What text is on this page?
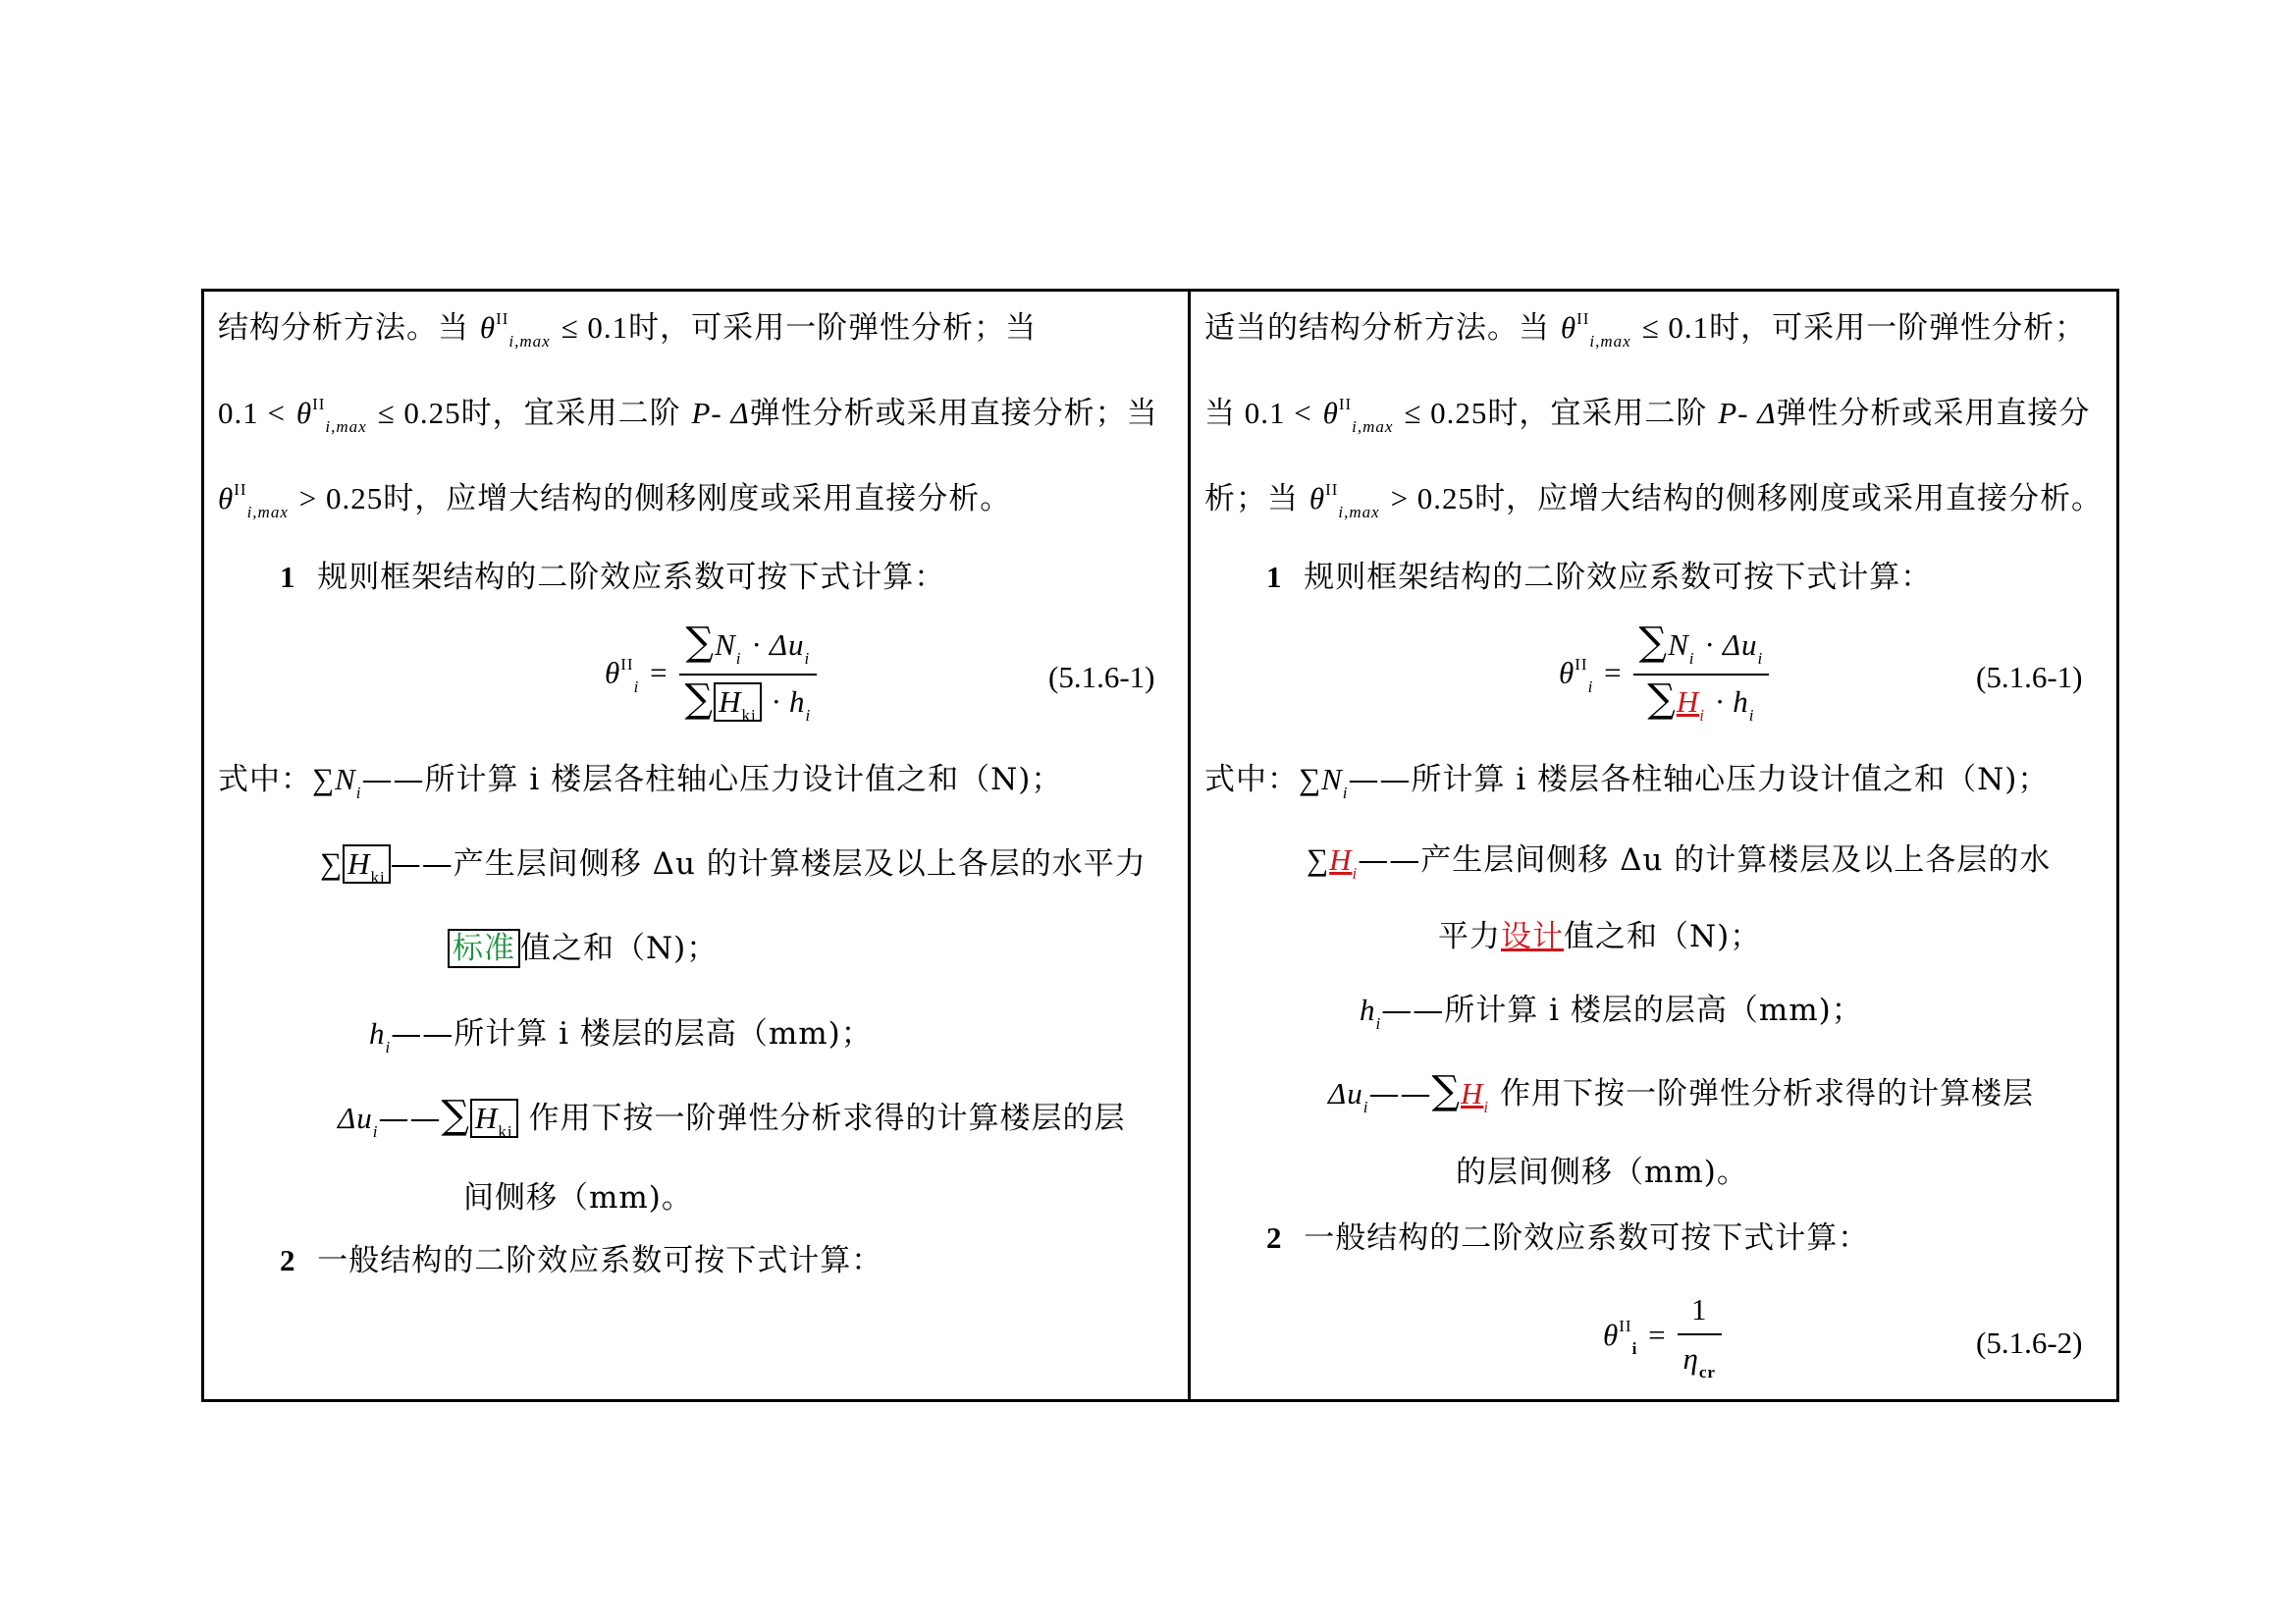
结构分析方法。当 $\theta^{II}_{i,max} \le 0.1$时，可采用一阶弹性分析；当
$0.1 < \theta^{II}_{i,max} \le 0.25$时，宜采用二阶 P- Δ弹性分析或采用直接分析；当
$\theta^{II}_{i,max} > 0.25$时，应增大结构的侧移刚度或采用直接分析。
1 规则框架结构的二阶效应系数可按下式计算：
$\theta^{II}_i = \frac{\sum N_i \cdot \Delta u_i}{\sum H_{ki} \cdot h_i}$	(5.1.6-1)
式中：$\sum N_i——$所计算 i 楼层各柱轴心压力设计值之和（N)；
∑ $H_{ki}$ ——产生层间侧移 Δu 的计算楼层及以上各层的水平力
标准 值之和（N)；
$h_i——$所计算 i 楼层的层高（mm)；
$\Delta u_i——\sum$ $H_{ki}$ 作用下按一阶弹性分析求得的计算楼层的层
间侧移（mm)。
2 一般结构的二阶效应系数可按下式计算：
适当的结构分析方法。当 $\theta^{II}_{i,max} \le 0.1$时，可采用一阶弹性分析；
当 $0.1 < \theta^{II}_{i,max} \le 0.25$时，宜采用二阶 P- Δ弹性分析或采用直接分
析；当 $\theta^{II}_{i,max} > 0.25$时，应增大结构的侧移刚度或采用直接分析。
1 规则框架结构的二阶效应系数可按下式计算：
$\theta^{II}_i = \frac{\sum N_i \cdot \Delta u_i}{\sum H_i \cdot h_i}$	(5.1.6-1)
式中：$\sum N_i——$所计算 i 楼层各柱轴心压力设计值之和（N)；
$\sum H_i——$产生层间侧移 Δu 的计算楼层及以上各层的水
平力设计值之和（N)；
$h_i——$所计算 i 楼层的层高（mm)；
$\Delta u_i——\sum H_i$ 作用下按一阶弹性分析求得的计算楼层
的层间侧移（mm)。
2 一般结构的二阶效应系数可按下式计算：
$\theta^{II}_i = \frac{1}{\eta_{cr}}$	(5.1.6-2)
